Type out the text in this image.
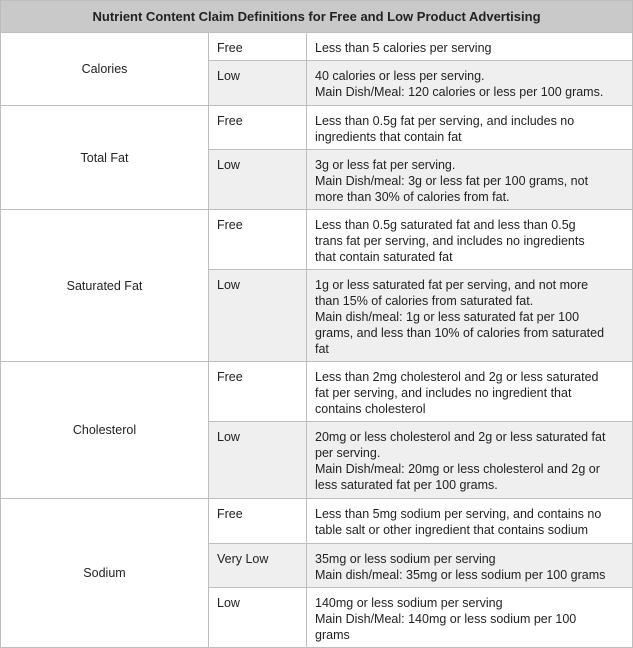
Nutrient Content Claim Definitions for Free and Low Product Advertising		
Calories	Free	Less than 5 calories per serving
	Low	40 calories or less per serving.
Main Dish/Meal: 120 calories or less per 100 grams.
Total Fat	Free	Less than 0.5g fat per serving, and includes no
ingredients that contain fat
	Low	3g or less fat per serving.
Main Dish/meal: 3g or less fat per 100 grams, not
more than 30% of calories from fat.
Saturated Fat	Free	Less than 0.5g saturated fat and less than 0.5g
trans fat per serving, and includes no ingredients
that contain saturated fat
	Low	1g or less saturated fat per serving, and not more
than 15% of calories from saturated fat.
Main dish/meal: 1g or less saturated fat per 100
grams, and less than 10% of calories from saturated
fat
Cholesterol	Free	Less than 2mg cholesterol and 2g or less saturated
fat per serving, and includes no ingredient that
contains cholesterol
	Low	20mg or less cholesterol and 2g or less saturated fat
per serving.
Main Dish/meal: 20mg or less cholesterol and 2g or
less saturated fat per 100 grams.
Sodium	Free	Less than 5mg sodium per serving, and contains no
table salt or other ingredient that contains sodium
	Very Low	35mg or less sodium per serving
Main dish/meal: 35mg or less sodium per 100 grams
	Low	140mg or less sodium per serving
Main Dish/Meal: 140mg or less sodium per 100
grams
